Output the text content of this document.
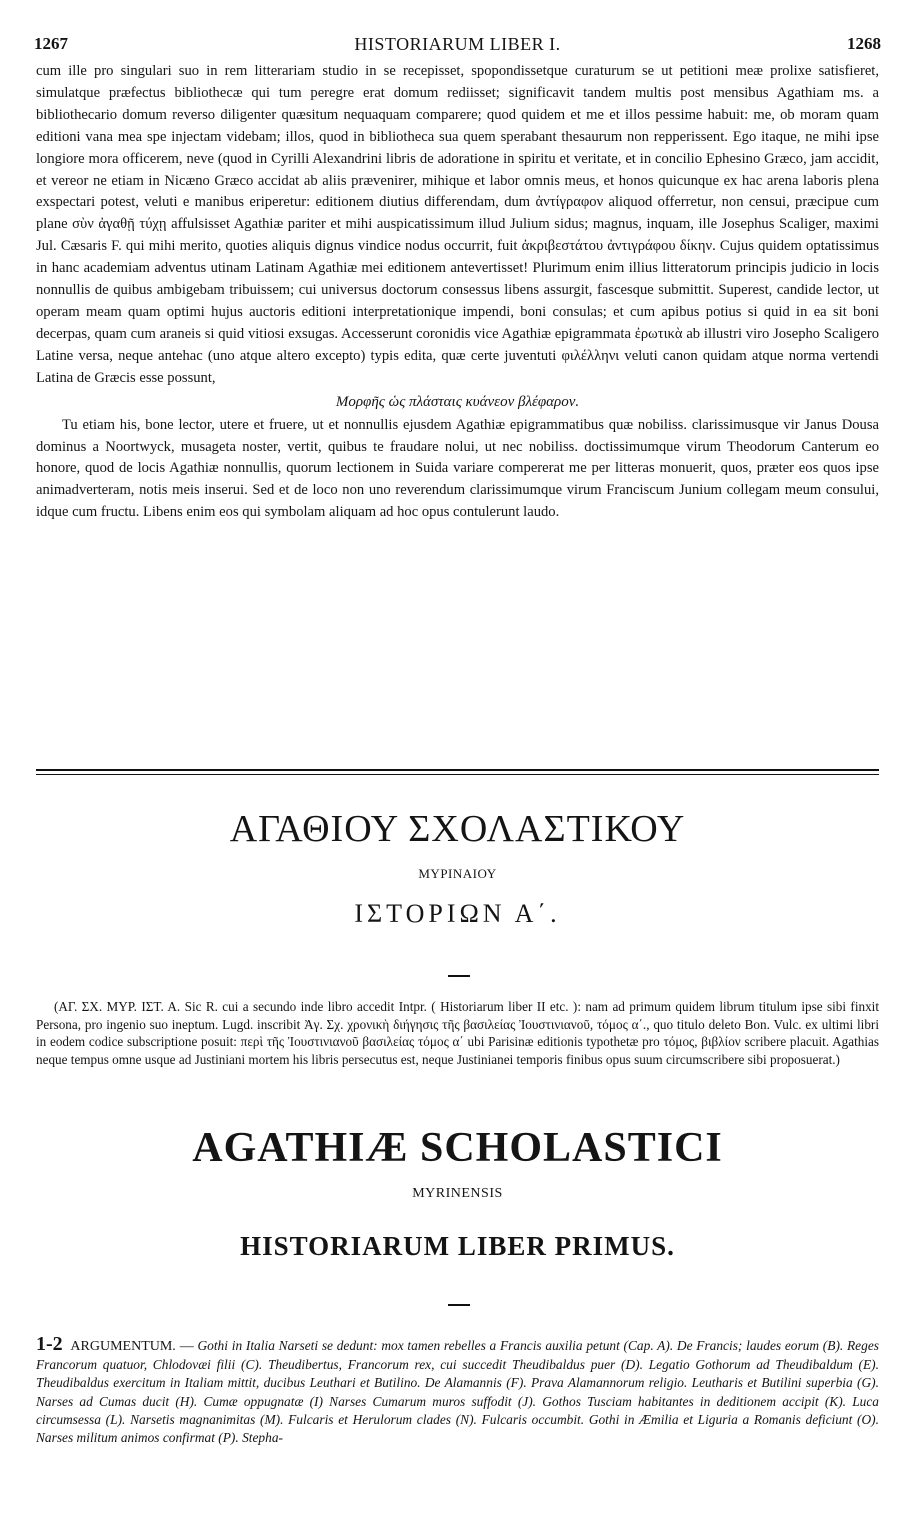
1267	HISTORIARUM LIBER I.	1268

cum ille pro singulari suo in rem litterariam studio in se recepisset, spopondissetque curaturum se ut petitioni meæ prolixe satisfieret, simulatque præfectus bibliothecæ qui tum peregre erat domum rediisset; significavit tandem multis post mensibus Agathiam ms. a bibliothecario domum reverso diligenter quæsitum nequaquam comparere; quod quidem et me et illos pessime habuit: me, ob moram quam editioni vana mea spe injectam videbam; illos, quod in bibliotheca sua quem sperabant thesaurum non repperissent. Ego itaque, ne mihi ipse longiore mora officerem, neve (quod in Cyrilli Alexandrini libris de adoratione in spiritu et veritate, et in concilio Ephesino Græco, jam accidit, et vereor ne etiam in Nicæno Græco accidat ab aliis prævenirer, mihique et labor omnis meus, et honos quicunque ex hac arena laboris plena exspectari potest, veluti e manibus eriperetur: editionem diutius differendam, dum ἀντίγραφον aliquod offerretur, non censui, præcipue cum plane σὺν ἀγαθῇ τύχῃ affulsisset Agathiæ pariter et mihi auspicatissimum illud Julium sidus; magnus, inquam, ille Josephus Scaliger, maximi Jul. Cæsaris F. qui mihi merito, quoties aliquis dignus vindice nodus occurrit, fuit ἀκριβεστάτου ἀντιγράφου δίκην. Cujus quidem optatissimus in hanc academiam adventus utinam Latinam Agathiæ mei editionem antevertisset! Plurimum enim illius litteratorum principis judicio in locis nonnullis de quibus ambigebam tribuissem; cui universus doctorum consessus libens assurgit, fascesque submittit. Superest, candide lector, ut operam meam quam optimi hujus auctoris editioni interpretationique impendi, boni consulas; et cum apibus potius si quid in ea sit boni decerpas, quam cum araneis si quid vitiosi exsugas. Accesserunt coronidis vice Agathiæ epigrammata ἐρωτικὰ ab illustri viro Josepho Scaligero Latine versa, neque antehac (uno atque altero excepto) typis edita, quæ certe juventuti φιλέλληνι veluti canon quidam atque norma vertendi Latina de Græcis esse possunt,

Μορφῆς ὡς πλάσταις κυάνεον βλέφαρον.

Tu etiam his, bone lector, utere et fruere, ut et nonnullis ejusdem Agathiæ epigrammatibus quæ nobiliss. clarissimusque vir Janus Dousa dominus a Noortwyck, musageta noster, vertit, quibus te fraudare nolui, ut nec nobiliss. doctissimumque virum Theodorum Canterum eo honore, quod de locis Agathiæ nonnullis, quorum lectionem in Suida variare compererat me per litteras monuerit, quos, præter eos quos ipse animadverteram, notis meis inserui. Sed et de loco non uno reverendum clarissimumque virum Franciscum Junium collegam meum consului, idque cum fructu. Libens enim eos qui symbolam aliquam ad hoc opus contulerunt laudo.

ΑΓΑΘΙΟΥ ΣΧΟΛΑΣΤΙΚΟΥ
ΜΥΡΙΝΑΙΟΥ
ΙΣΤΟΡΙΩΝ Α΄.

(ΑΓ. ΣΧ. ΜΥΡ. ΙΣΤ. Α. Sic R. cui a secundo inde libro accedit Intpr. ( Historiarum liber II etc. ): nam ad primum quidem librum titulum ipse sibi finxit Persona, pro ingenio suo ineptum. Lugd. inscribit Ἀγ. Σχ. χρονικὴ διήγησις τῆς βασιλείας Ἰουστινιανοῦ, τόμος α΄., quo titulo deleto Bon. Vulc. ex ultimi libri in eodem codice subscriptione posuit: περὶ τῆς Ἰουστινιανοῦ βασιλείας τόμος α΄ ubi Parisinæ editionis typothetæ pro τόμος, βιβλίον scribere placuit. Agathias neque tempus omne usque ad Justiniani mortem his libris persecutus est, neque Justinianei temporis finibus opus suum circumscribere sibi proposuerat.)

AGATHIÆ SCHOLASTICI
MYRINENSIS
HISTORIARUM LIBER PRIMUS.

1-2 ARGUMENTUM. — Gothi in Italia Narseti se dedunt: mox tamen rebelles a Francis auxilia petunt (Cap. A). De Francis; laudes eorum (B). Reges Francorum quatuor, Chlodovæi filii (C). Theudibertus, Francorum rex, cui succedit Theudibaldus puer (D). Legatio Gothorum ad Theudibaldum (E). Theudibaldus exercitum in Italiam mittit, ducibus Leuthari et Butilino. De Alamannis (F). Prava Alamannorum religio. Leutharis et Butilini superbia (G). Narses ad Cumas ducit (H). Cumæ oppugnatæ (I) Narses Cumarum muros suffodit (J). Gothos Tusciam habitantes in deditionem accipit (K). Luca circumsessa (L). Narsetis magnanimitas (M). Fulcaris et Herulorum clades (N). Fulcaris occumbit. Gothi in Æmilia et Liguria a Romanis deficiunt (O). Narses militum animos confirmat (P). Stepha-
